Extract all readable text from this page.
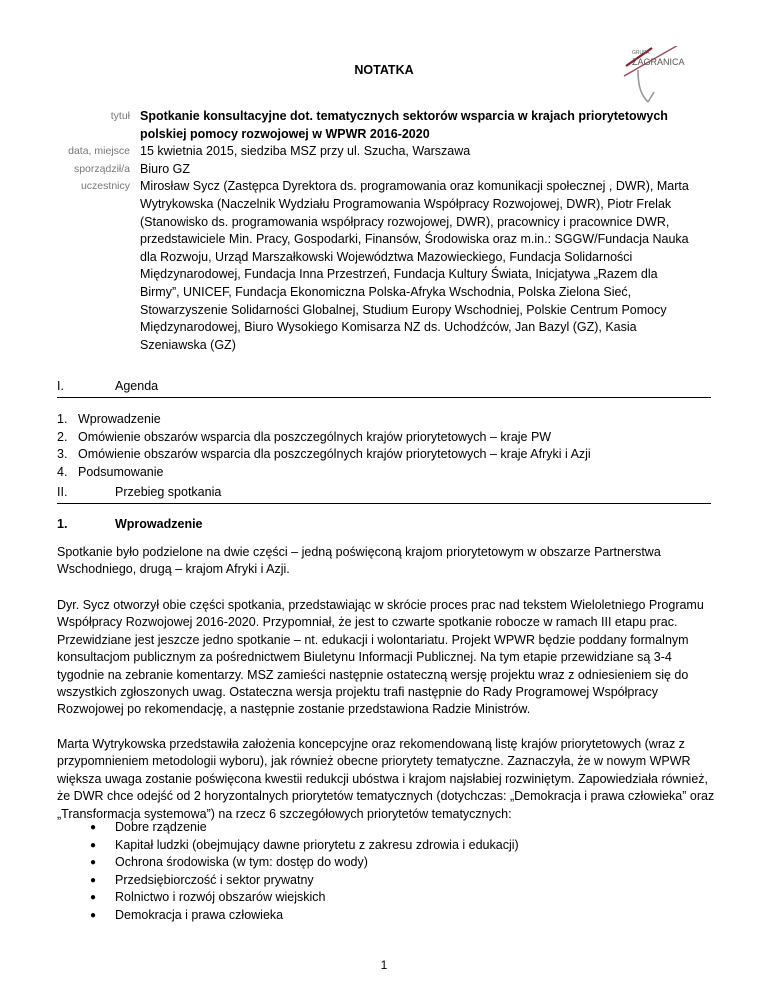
GRUPA
ZAGRANICA
NOTATKA
tytuł Spotkanie konsultacyjne dot. tematycznych sektorów wsparcia w krajach priorytetowych polskiej pomocy rozwojowej w WPWR 2016-2020
data, miejsce 15 kwietnia 2015, siedziba MSZ przy ul. Szucha, Warszawa
sporządził/a Biuro GZ
uczestnicy Mirosław Sycz (Zastępca Dyrektora ds. programowania oraz komunikacji społecznej , DWR), Marta Wytrykowska (Naczelnik Wydziału Programowania Współpracy Rozwojowej, DWR), Piotr Frelak (Stanowisko ds. programowania współpracy rozwojowej, DWR), pracownicy i pracownice DWR, przedstawiciele Min. Pracy, Gospodarki, Finansów, Środowiska oraz m.in.: SGGW/Fundacja Nauka dla Rozwoju, Urząd Marszałkowski Województwa Mazowieckiego, Fundacja Solidarności Międzynarodowej, Fundacja Inna Przestrzeń, Fundacja Kultury Świata, Inicjatywa „Razem dla Birmy”, UNICEF, Fundacja Ekonomiczna Polska-Afryka Wschodnia, Polska Zielona Sieć, Stowarzyszenie Solidarności Globalnej, Studium Europy Wschodniej, Polskie Centrum Pomocy Międzynarodowej, Biuro Wysokiego Komisarza NZ ds. Uchodźców, Jan Bazyl (GZ), Kasia Szeniawska (GZ)
I.	Agenda
1. Wprowadzenie
2. Omówienie obszarów wsparcia dla poszczególnych krajów priorytetowych – kraje PW
3. Omówienie obszarów wsparcia dla poszczególnych krajów priorytetowych – kraje Afryki i Azji
4. Podsumowanie
II.	Przebieg spotkania
1.	Wprowadzenie
Spotkanie było podzielone na dwie części – jedną poświęconą krajom priorytetowym w obszarze Partnerstwa Wschodniego, drugą – krajom Afryki i Azji.
Dyr. Sycz otworzył obie części spotkania, przedstawiając w skrócie proces prac nad tekstem Wieloletniego Programu Współpracy Rozwojowej 2016-2020. Przypomniał, że jest to czwarte spotkanie robocze w ramach III etapu prac. Przewidziane jest jeszcze jedno spotkanie – nt. edukacji i wolontariatu. Projekt WPWR będzie poddany formalnym konsultacjom publicznym za pośrednictwem Biuletynu Informacji Publicznej. Na tym etapie przewidziane są 3-4 tygodnie na zebranie komentarzy. MSZ zamieści następnie ostateczną wersję projektu wraz z odniesieniem się do wszystkich zgłoszonych uwag. Ostateczna wersja projektu trafi następnie do Rady Programowej Współpracy Rozwojowej po rekomendację, a następnie zostanie przedstawiona Radzie Ministrów.
Marta Wytrykowska przedstawiła założenia koncepcyjne oraz rekomendowaną listę krajów priorytetowych (wraz z przypomnieniem metodologii wyboru), jak również obecne priorytety tematyczne. Zaznaczyła, że w nowym WPWR większa uwaga zostanie poświęcona kwestii redukcji ubóstwa i krajom najsłabiej rozwiniętym. Zapowiedziała również, że DWR chce odejść od 2 horyzontalnych priorytetów tematycznych (dotychczas: „Demokracja i prawa człowieka” oraz „Transformacja systemowa”) na rzecz 6 szczegółowych priorytetów tematycznych:
●	Dobre rządzenie
●	Kapitał ludzki (obejmujący dawne priorytetu z zakresu zdrowia i edukacji)
●	Ochrona środowiska (w tym: dostęp do wody)
●	Przedsiębiorczość i sektor prywatny
●	Rolnictwo i rozwój obszarów wiejskich
●	Demokracja i prawa człowieka
1
